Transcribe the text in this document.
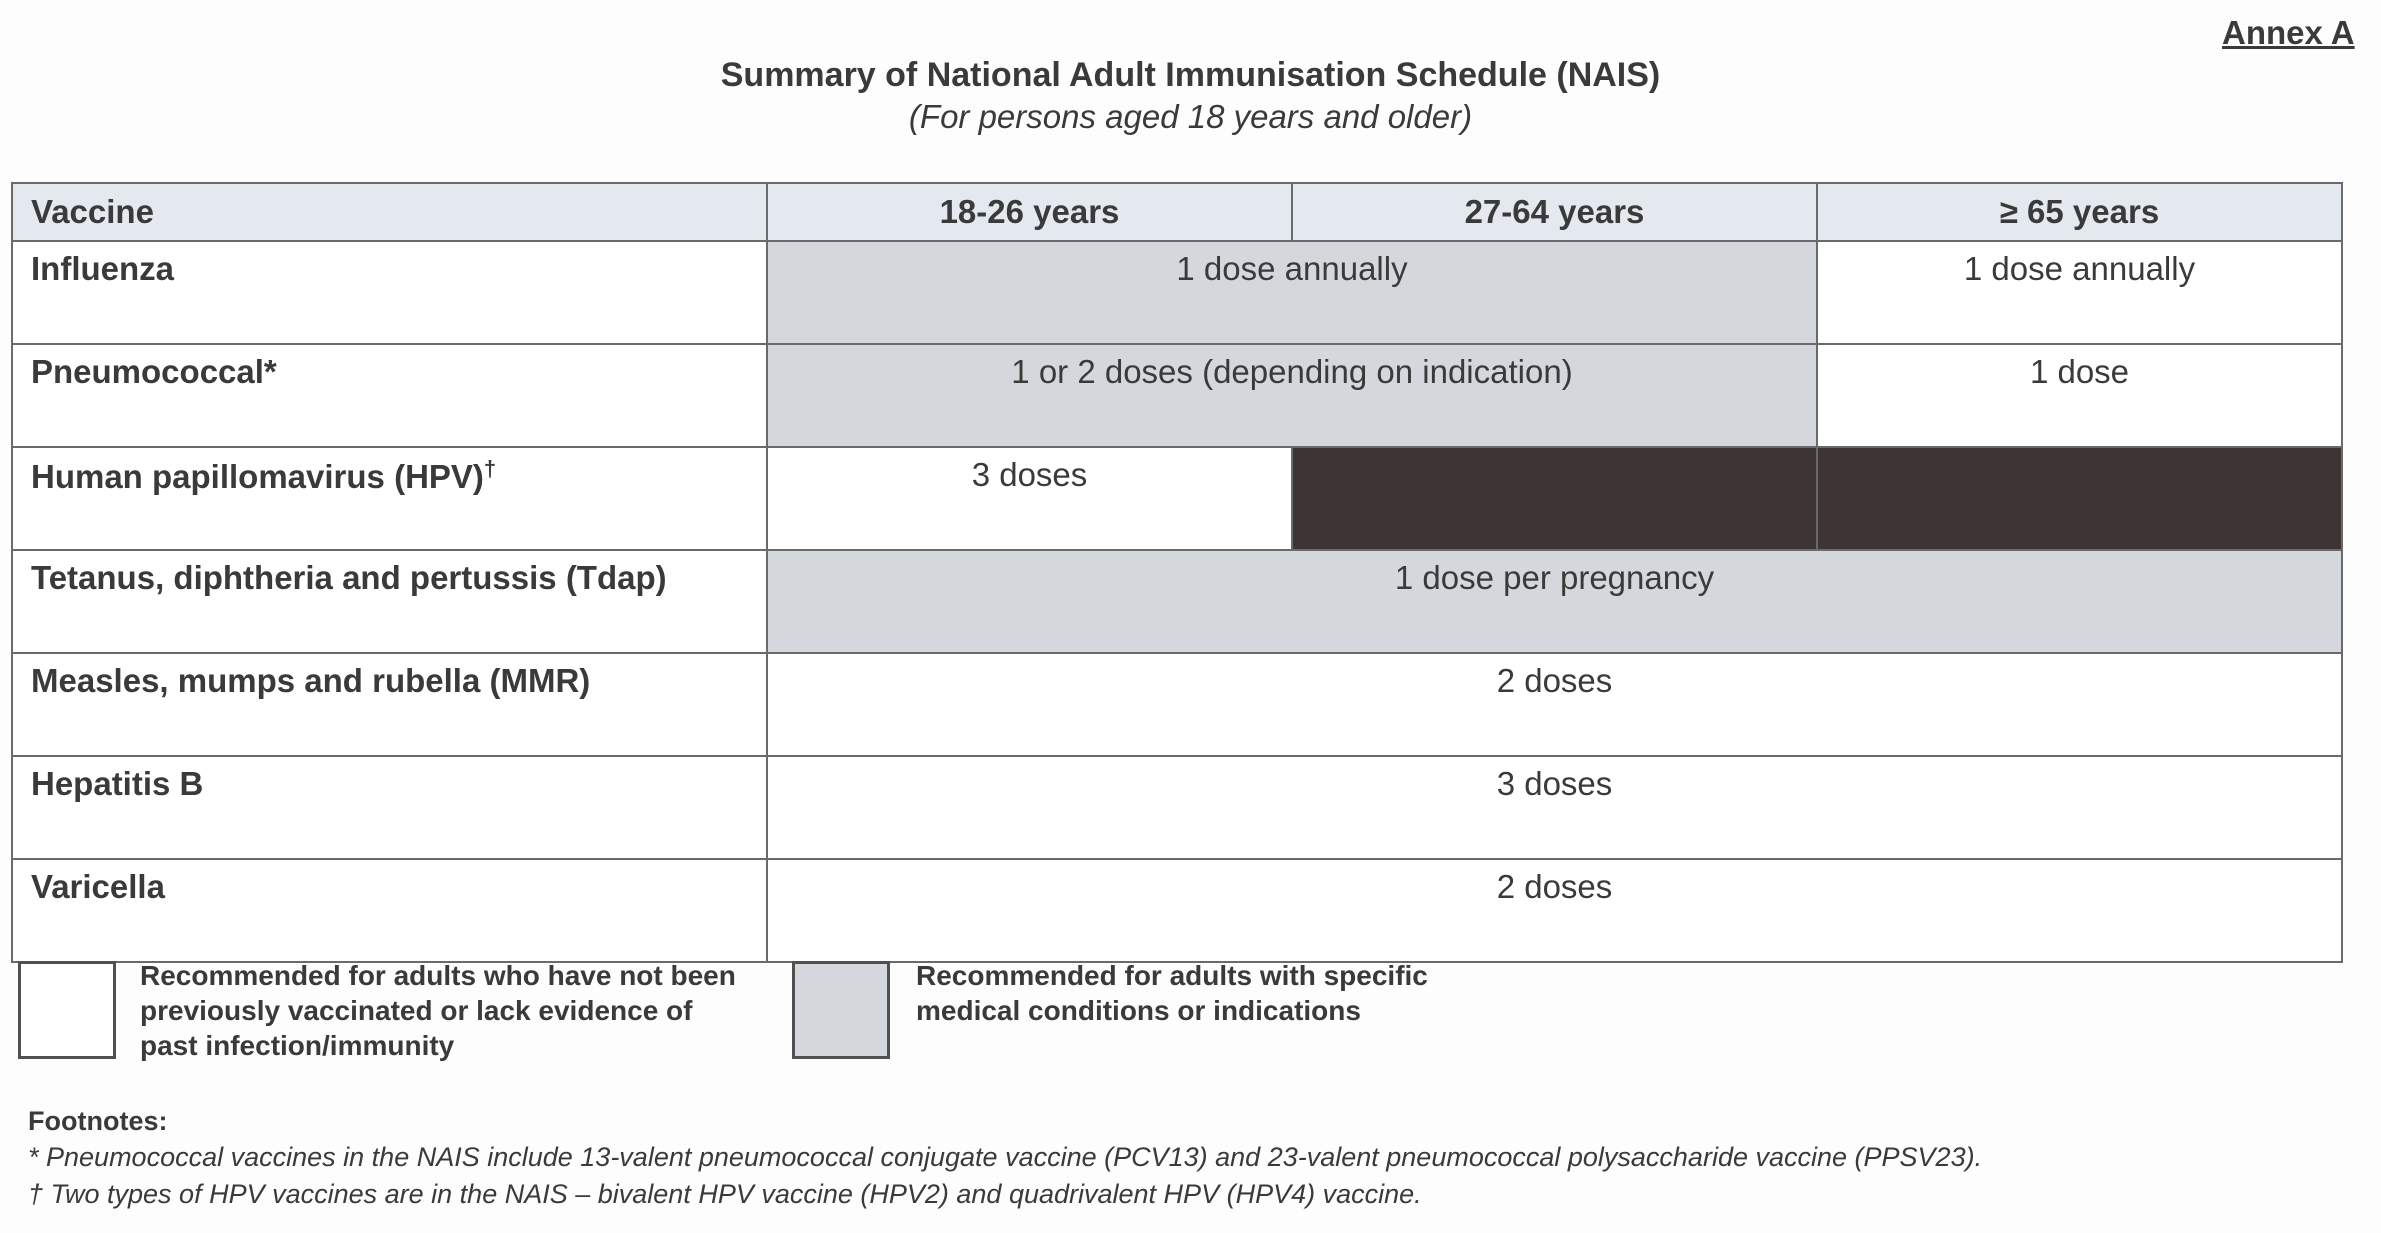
Annex A
Summary of National Adult Immunisation Schedule (NAIS)
(For persons aged 18 years and older)
Vaccine	18-26 years	27-64 years	≥ 65 years
Influenza	1 dose annually		1 dose annually
Pneumococcal*	1 or 2 doses (depending on indication)		1 dose
Human papillomavirus (HPV)†	3 doses		
Tetanus, diphtheria and pertussis (Tdap)	1 dose per pregnancy		
Measles, mumps and rubella (MMR)	2 doses		
Hepatitis B	3 doses		
Varicella	2 doses		
Recommended for adults who have not been previously vaccinated or lack evidence of past infection/immunity
Recommended for adults with specific medical conditions or indications
Footnotes:
* Pneumococcal vaccines in the NAIS include 13-valent pneumococcal conjugate vaccine (PCV13) and 23-valent pneumococcal polysaccharide vaccine (PPSV23).
† Two types of HPV vaccines are in the NAIS – bivalent HPV vaccine (HPV2) and quadrivalent HPV (HPV4) vaccine.
